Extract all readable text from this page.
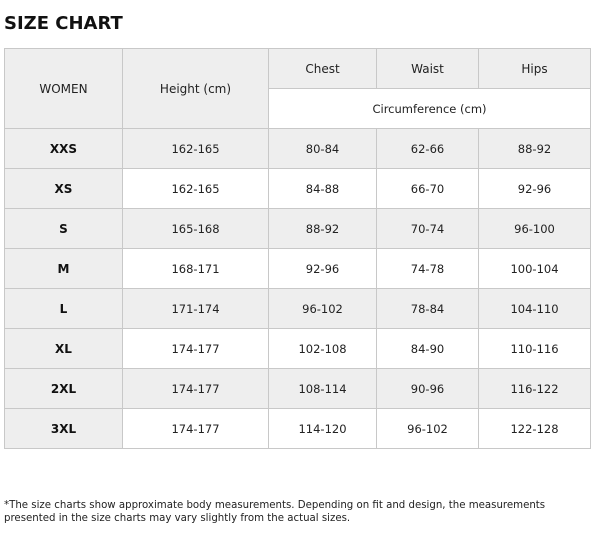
SIZE CHART
WOMEN	Height (cm)	Chest	Waist	Hips
		Circumference (cm)		
XXS	162-165	80-84	62-66	88-92
XS	162-165	84-88	66-70	92-96
S	165-168	88-92	70-74	96-100
M	168-171	92-96	74-78	100-104
L	171-174	96-102	78-84	104-110
XL	174-177	102-108	84-90	110-116
2XL	174-177	108-114	90-96	116-122
3XL	174-177	114-120	96-102	122-128

*The size charts show approximate body measurements. Depending on fit and design, the measurements presented in the size charts may vary slightly from the actual sizes.
